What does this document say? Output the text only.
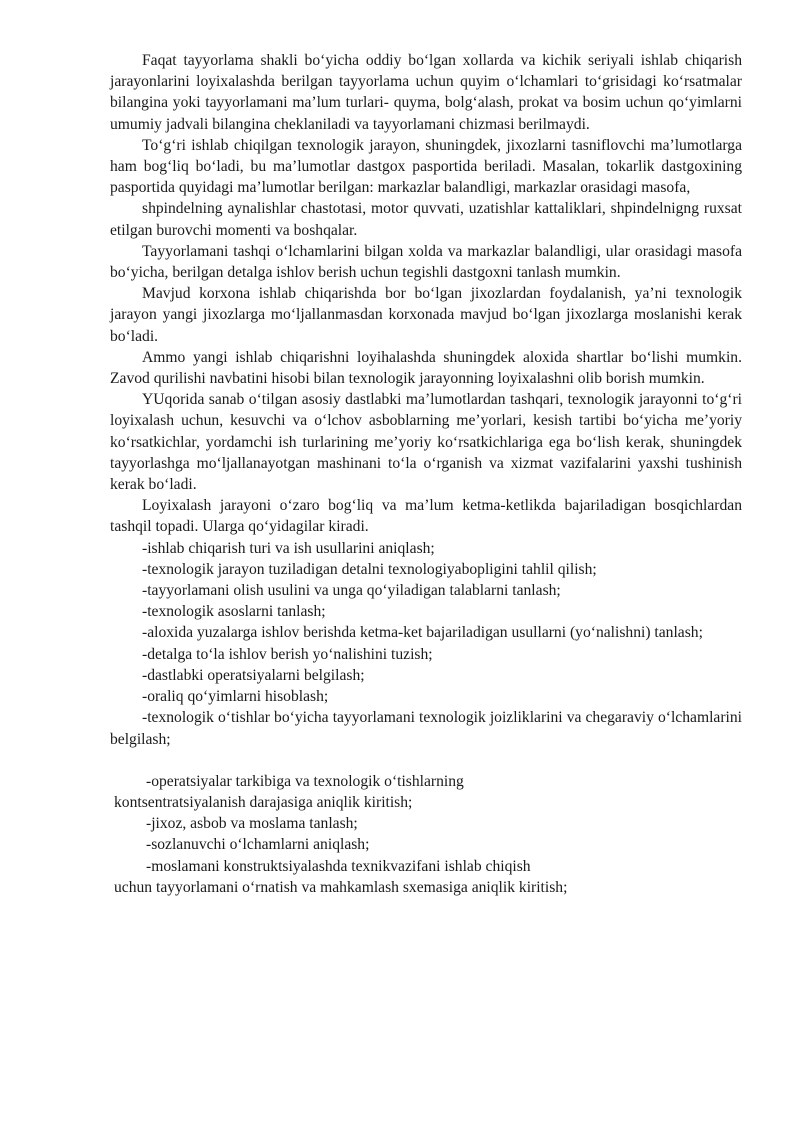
Faqat tayyorlama shakli bo‘yicha oddiy bo‘lgan xollarda va kichik seriyali ishlab chiqarish jarayonlarini loyixalashda berilgan tayyorlama uchun quyim o‘lchamlari to‘grisidagi ko‘rsatmalar bilangina yoki tayyorlamani ma’lum turlari- quyma, bolg‘alash, prokat va bosim uchun qo‘yimlarni umumiy jadvali bilangina cheklaniladi va tayyorlamani chizmasi berilmaydi.

To‘g‘ri ishlab chiqilgan texnologik jarayon, shuningdek, jixozlarni tasniflovchi ma’lumotlarga ham bog‘liq bo‘ladi, bu ma’lumotlar dastgox pasportida beriladi. Masalan, tokarlik dastgoxining pasportida quyidagi ma’lumotlar berilgan: markazlar balandligi, markazlar orasidagi masofa,

shpindelning aynalishlar chastotasi, motor quvvati, uzatishlar kattaliklari, shpindelnigng ruxsat etilgan burovchi momenti va boshqalar.

Tayyorlamani tashqi o‘lchamlarini bilgan xolda va markazlar balandligi, ular orasidagi masofa bo‘yicha, berilgan detalga ishlov berish uchun tegishli dastgoxni tanlash mumkin.

Mavjud korxona ishlab chiqarishda bor bo‘lgan jixozlardan foydalanish, ya’ni texnologik jarayon yangi jixozlarga mo‘ljallanmasdan korxonada mavjud bo‘lgan jixozlarga moslanishi kerak bo‘ladi.

Ammo yangi ishlab chiqarishni loyihalashda shuningdek aloxida shartlar bo‘lishi mumkin. Zavod qurilishi navbatini hisobi bilan texnologik jarayonning loyixalashni olib borish mumkin.

YUqorida sanab o‘tilgan asosiy dastlabki ma’lumotlardan tashqari, texnologik jarayonni to‘g‘ri loyixalash uchun, kesuvchi va o‘lchov asboblarning me’yorlari, kesish tartibi bo‘yicha me’yoriy ko‘rsatkichlar, yordamchi ish turlarining me’yoriy ko‘rsatkichlariga ega bo‘lish kerak, shuningdek tayyorlashga mo‘ljallanayotgan mashinani to‘la o‘rganish va xizmat vazifalarini yaxshi tushinish kerak bo‘ladi.

Loyixalash jarayoni o‘zaro bog‘liq va ma’lum ketma-ketlikda bajariladigan bosqichlardan tashqil topadi. Ularga qo‘yidagilar kiradi.

-ishlab chiqarish turi va ish usullarini aniqlash;

-texnologik jarayon tuziladigan detalni texnologiyabopligini tahlil qilish;

-tayyorlamani olish usulini va unga qo‘yiladigan talablarni tanlash;

-texnologik asoslarni tanlash;

-aloxida yuzalarga ishlov berishda ketma-ket bajariladigan usullarni (yo‘nalishni) tanlash;

-detalga to‘la ishlov berish yo‘nalishini tuzish;

-dastlabki operatsiyalarni belgilash;

-oraliq qo‘yimlarni hisoblash;

-texnologik o‘tishlar bo‘yicha tayyorlamani texnologik joizliklarini va chegaraviy o‘lchamlarini belgilash;

-operatsiyalar tarkibiga va texnologik o‘tishlarning

kontsentratsiyalanish darajasiga aniqlik kiritish;

-jixoz, asbob va moslama tanlash;

-sozlanuvchi o‘lchamlarni aniqlash;

-moslamani konstruktsiyalashda texnikvazifani ishlab chiqish

uchun tayyorlamani o‘rnatish va mahkamlash sxemasiga aniqlik kiritish;
